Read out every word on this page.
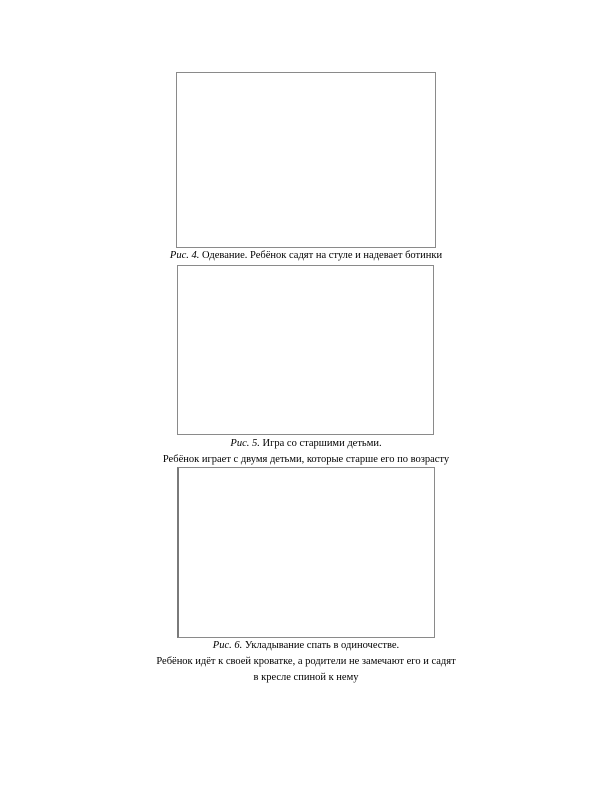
Рис. 4. Одевание. Ребёнок садят на стуле и надевает ботинки
Рис. 5. Игра со старшими детьми.
Ребёнок играет с двумя детьми, которые старше его по возрасту
Рис. 6. Укладывание спать в одиночестве.
Ребёнок идёт к своей кроватке, а родители не замечают его и садят
в кресле спиной к нему
